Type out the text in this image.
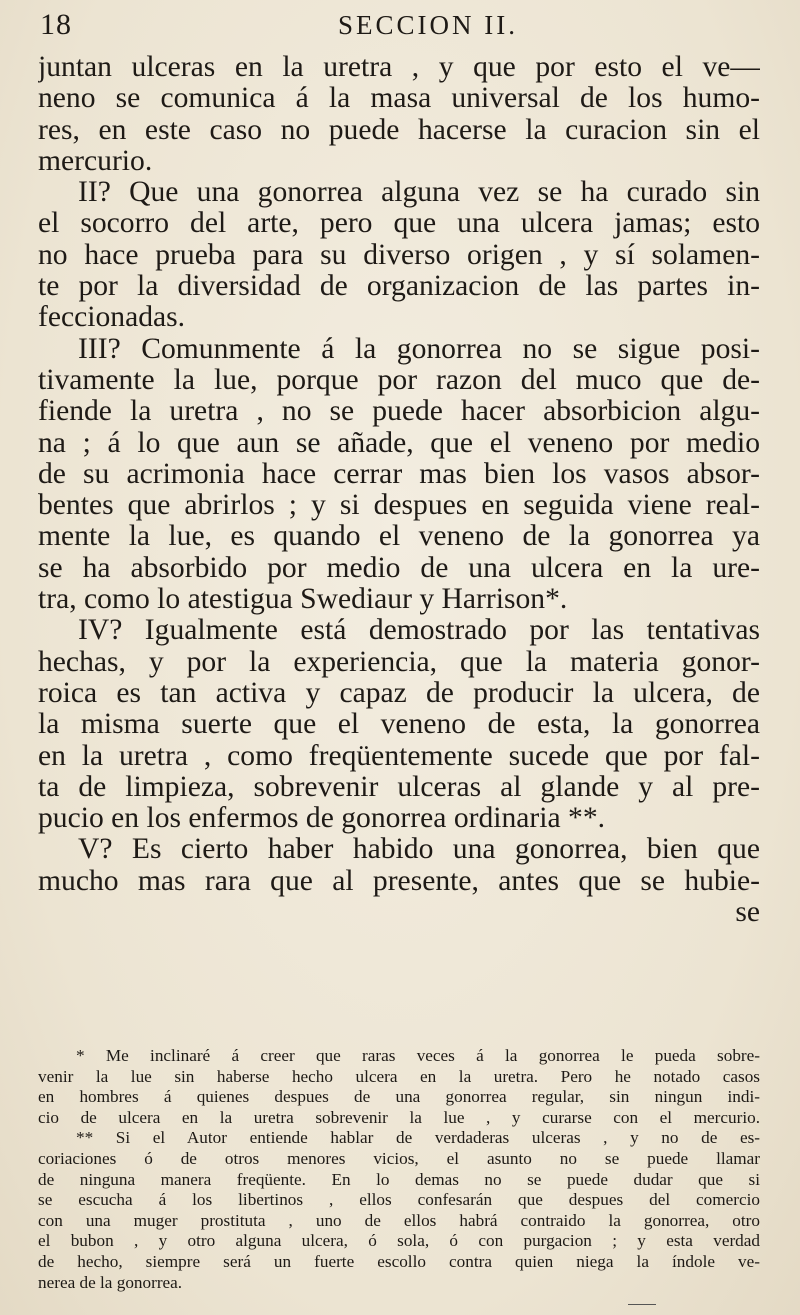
18	SECCION II.
juntan ulceras en la uretra , y que por esto el ve—
neno se comunica á la masa universal de los humo-
res, en este caso no puede hacerse la curacion sin el
mercurio.
II? Que una gonorrea alguna vez se ha curado sin
el socorro del arte, pero que una ulcera jamas; esto
no hace prueba para su diverso origen , y sí solamen-
te por la diversidad de organizacion de las partes in-
feccionadas.
III? Comunmente á la gonorrea no se sigue posi-
tivamente la lue, porque por razon del muco que de-
fiende la uretra , no se puede hacer absorbicion algu-
na ; á lo que aun se añade, que el veneno por medio
de su acrimonia hace cerrar mas bien los vasos absor-
bentes que abrirlos ; y si despues en seguida viene real-
mente la lue, es quando el veneno de la gonorrea ya
se ha absorbido por medio de una ulcera en la ure-
tra, como lo atestigua Swediaur y Harrison*.
IV? Igualmente está demostrado por las tentativas
hechas, y por la experiencia, que la materia gonor-
roica es tan activa y capaz de producir la ulcera, de
la misma suerte que el veneno de esta, la gonorrea
en la uretra , como freqüentemente sucede que por fal-
ta de limpieza, sobrevenir ulceras al glande y al pre-
pucio en los enfermos de gonorrea ordinaria **.
V? Es cierto haber habido una gonorrea, bien que
mucho mas rara que al presente, antes que se hubie-
se
* Me inclinaré á creer que raras veces á la gonorrea le pueda sobre-
venir la lue sin haberse hecho ulcera en la uretra. Pero he notado casos
en hombres á quienes despues de una gonorrea regular, sin ningun indi-
cio de ulcera en la uretra sobrevenir la lue , y curarse con el mercurio.
** Si el Autor entiende hablar de verdaderas ulceras , y no de es-
coriaciones ó de otros menores vicios, el asunto no se puede llamar
de ninguna manera freqüente. En lo demas no se puede dudar que si
se escucha á los libertinos , ellos confesarán que despues del comercio
con una muger prostituta , uno de ellos habrá contraido la gonorrea, otro
el bubon , y otro alguna ulcera, ó sola, ó con purgacion ; y esta verdad
de hecho, siempre será un fuerte escollo contra quien niega la índole ve-
nerea de la gonorrea.
